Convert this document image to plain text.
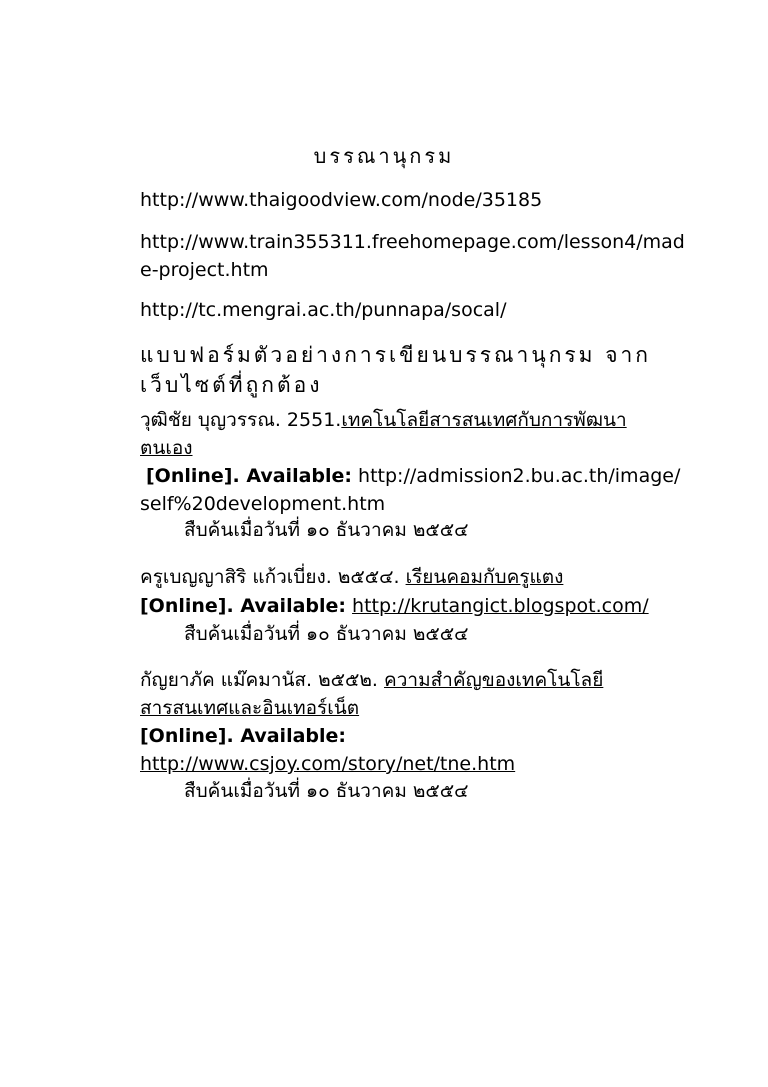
บรรณานุกรม
http://www.thaigoodview.com/node/35185
http://www.train355311.freehomepage.com/lesson4/mad
e-project.htm
http://tc.mengrai.ac.th/punnapa/socal/
แบบฟอร์มตัวอย่างการเขียนบรรณานุกรม จาก
เว็บไซต์ที่ถูกต้อง
วุฒิชัย บุญวรรณ. 2551.เทคโนโลยีสารสนเทศกับการพัฒนา
ตนเอง
[Online]. Available: http://admission2.bu.ac.th/image/
self%20development.htm
สืบค้นเมื่อวันที่ ๑๐ ธันวาคม ๒๕๕๔
ครูเบญญาสิริ แก้วเบี่ยง. ๒๕๕๔. เรียนคอมกับครูแตง
[Online]. Available: http://krutangict.blogspot.com/
สืบค้นเมื่อวันที่ ๑๐ ธันวาคม ๒๕๕๔
กัญยาภัค แม๊คมานัส. ๒๕๕๒. ความสำคัญของเทคโนโลยี
สารสนเทศและอินเทอร์เน็ต
[Online]. Available:
http://www.csjoy.com/story/net/tne.htm
สืบค้นเมื่อวันที่ ๑๐ ธันวาคม ๒๕๕๔
